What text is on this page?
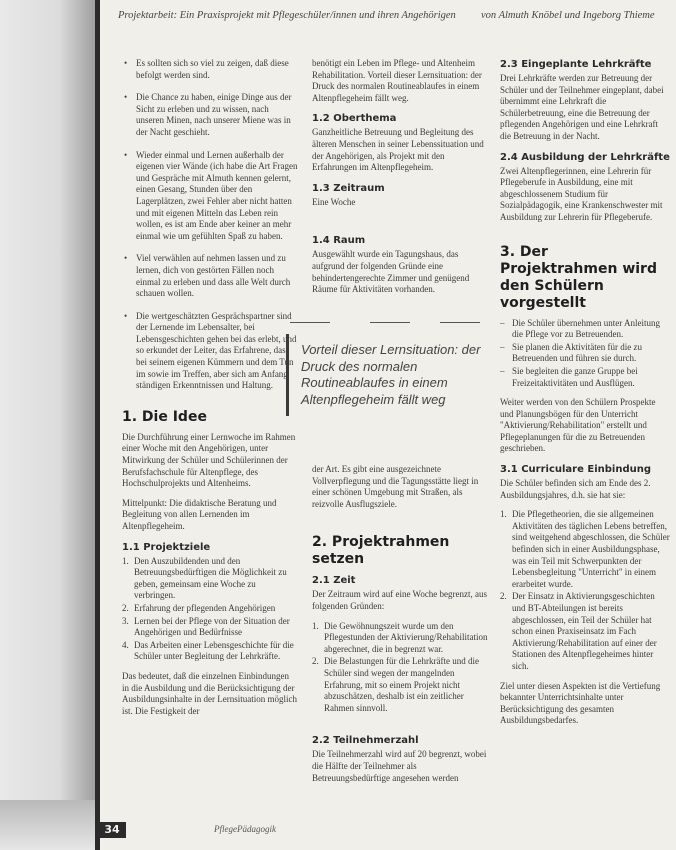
Projektarbeit: Ein Praxisprojekt mit Pflegeschüler/innen und ihren Angehörigen von Almuth Knöbel und Ingeborg Thieme
• Es sollten sich so viel zu zeigen, daß diese befolgt werden sind.
• Die Chance zu haben, einige Dinge aus der Sicht zu erleben und zu wissen, nach unseren Minen, nach unserer Miene was in der Nacht geschieht.
• Wieder einmal und Lernen außerhalb der eigenen vier Wände (ich habe die Art Fragen und Gespräche mit Almuth kennen gelernt, einen Gesang, Stunden über den Lagerplätzen, zwei Fehler aber nicht hatten und mit eigenen Mitteln das Leben rein wollen, es ist am Ende aber keiner an mehr einmal wie um gefühlten Spaß zu haben.
• Viel verwählen auf nehmen lassen und zu lernen, dich von gestörten Fällen noch einmal zu erleben und dass alle Welt durch schauen wollen.
• Die wertgeschätzten Gesprächspartner sind der Lernende im Lebensalter, bei Lebensgeschichten gehen bei das erlebt, und so erkundet der Leiter, das Erfahrene, das bei seinem eigenen Kümmern und dem Tun im sowie im Treffen, aber sich am Anfang ständigen Erkenntnissen und Haltung.
1. Die Idee

Die Durchführung einer Lernwoche im Rahmen einer Woche mit den Angehörigen, unter Mitwirkung der Schüler und Schülerinnen der Berufsfachschule für Altenpflege, des Hochschulprojekts und Altenheims.

Mittelpunkt: Die didaktische Beratung und Begleitung von allen Lernenden im Altenpflegeheim.

1.1 Projektziele
1. Den Auszubildenden und den Betreuungsbedürftigen die Möglichkeit zu geben, gemeinsam eine Woche zu verbringen.
2. Erfahrung der pflegenden Angehörigen
3. Lernen bei der Pflege von der Situation der Angehörigen und Bedürfnisse
4. Das Arbeiten einer Lebensgeschichte für die Schüler unter Begleitung der Lehrkräfte.

Das bedeutet, daß die einzelnen Einbindungen in die Ausbildung und die Berücksichtigung der Ausbildungsinhalte in der Lernsituation möglich ist. Die Festigkeit der

benötigt ein Leben im Pflege- und Altenheim Rehabilitation. Vorteil dieser Lernsituation: der Druck des normalen Routineablaufes in einem Altenpflegeheim fällt weg.

1.2 Oberthema

Ganzheitliche Betreuung und Begleitung des älteren Menschen in seiner Lebenssituation und der Angehörigen, als Projekt mit den Erfahrungen im Altenpflegeheim.

1.3 Zeitraum

Eine Woche

1.4 Raum

Ausgewählt wurde ein Tagungshaus, das aufgrund der folgenden Gründe eine behindertengerechte Zimmer und genügend Räume für Aktivitäten vorhanden.

Vorteil dieser Lernsituation: der Druck des normalen Routineablaufes in einem Altenpflegeheim fällt weg

der Art. Es gibt eine ausgezeichnete Vollverpflegung und die Tagungsstätte liegt in einer schönen Umgebung mit Straßen, als reizvolle Ausflugsziele.

2. Projektrahmen setzen
2.1 Zeit

Der Zeitraum wird auf eine Woche begrenzt, aus folgenden Gründen:

1. Die Gewöhnungszeit wurde um den Pflegestunden der Aktivierung/Rehabilitation abgerechnet, die in begrenzt war.
2. Die Belastungen für die Lehrkräfte und die Schüler sind wegen der mangelnden Erfahrung, mit so einem Projekt nicht abzuschätzen, deshalb ist ein zeitlicher Rahmen sinnvoll.
2.2 Teilnehmerzahl

Die Teilnehmerzahl wird auf 20 begrenzt, wobei die Hälfte der Teilnehmer als Betreuungsbedürftige angesehen werden

2.3 Eingeplante Lehrkräfte

Drei Lehrkräfte werden zur Betreuung der Schüler und der Teilnehmer eingeplant, dabei übernimmt eine Lehrkraft die Schülerbetreuung, eine die Betreuung der pflegenden Angehörigen und eine Lehrkraft die Betreuung in der Nacht.

2.4 Ausbildung der Lehrkräfte

Zwei Altenpflegerinnen, eine Lehrerin für Pflegeberufe in Ausbildung, eine mit abgeschlossenem Studium für Sozialpädagogik, eine Krankenschwester mit Ausbildung zur Lehrerin für Pflegeberufe.

3. Der Projektrahmen wird den Schülern vorgestellt
– Die Schüler übernehmen unter Anleitung die Pflege vor zu Betreuenden.
– Sie planen die Aktivitäten für die zu Betreuenden und führen sie durch.
– Sie begleiten die ganze Gruppe bei Freizeitaktivitäten und Ausflügen.

Weiter werden von den Schülern Prospekte und Planungsbögen für den Unterricht "Aktivierung/Rehabilitation" erstellt und Pflegeplanungen für die zu Betreuenden geschrieben.

3.1 Curriculare Einbindung

Die Schüler befinden sich am Ende des 2. Ausbildungsjahres, d.h. sie hat sie:

1. Die Pflegetheorien, die sie allgemeinen Aktivitäten des täglichen Lebens betreffen, sind weitgehend abgeschlossen, die Schüler befinden sich in einer Ausbildungsphase, was ein Teil mit Schwerpunkten der Lebensbegleitung "Unterricht" in einem erarbeitet wurde.
2. Der Einsatz in Aktivierungsgeschichten und BT-Abteilungen ist bereits abgeschlossen, ein Teil der Schüler hat schon einen Praxiseinsatz im Fach Aktivierung/Rehabilitation auf einer der Stationen des Altenpflegeheimes hinter sich.

Ziel unter diesen Aspekten ist die Vertiefung bekannter Unterrichtsinhalte unter Berücksichtigung des gesamten Ausbildungsbedarfes.

34	PflegePädagogik
